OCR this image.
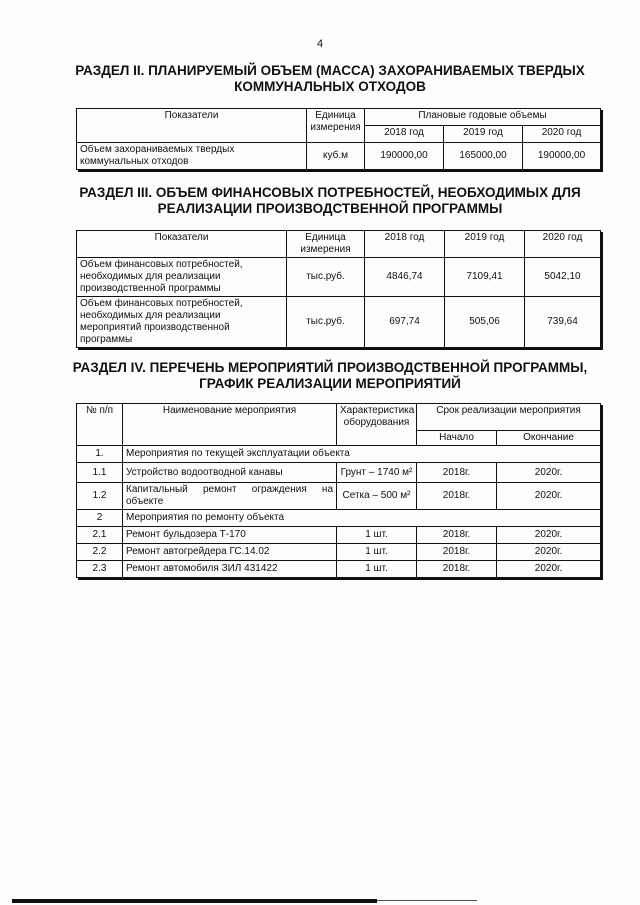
4
РАЗДЕЛ II. ПЛАНИРУЕМЫЙ ОБЪЕМ (МАССА) ЗАХОРАНИВАЕМЫХ ТВЕРДЫХ КОММУНАЛЬНЫХ ОТХОДОВ
Показатели	Единица измерения	Плановые годовые объемы		
		2018 год	2019 год	2020 год
Объем захораниваемых твердых коммунальных отходов	куб.м	190000,00	165000,00	190000,00
РАЗДЕЛ III. ОБЪЕМ ФИНАНСОВЫХ ПОТРЕБНОСТЕЙ, НЕОБХОДИМЫХ ДЛЯ РЕАЛИЗАЦИИ ПРОИЗВОДСТВЕННОЙ ПРОГРАММЫ
Показатели	Единица измерения	2018 год	2019 год	2020 год
Объем финансовых потребностей, необходимых для реализации производственной программы	тыс.руб.	4846,74	7109,41	5042,10
Объем финансовых потребностей, необходимых для реализации мероприятий производственной программы	тыс.руб.	697,74	505,06	739,64
РАЗДЕЛ IV. ПЕРЕЧЕНЬ МЕРОПРИЯТИЙ ПРОИЗВОДСТВЕННОЙ ПРОГРАММЫ, ГРАФИК РЕАЛИЗАЦИИ МЕРОПРИЯТИЙ
№ п/п	Наименование мероприятия	Характеристика оборудования	Срок реализации мероприятия	
			Начало	Окончание
1.	Мероприятия по текущей эксплуатации объекта			
1.1	Устройство водоотводной канавы	Грунт – 1740 м²	2018г.	2020г.
1.2	Капитальный ремонт ограждения на объекте	Сетка – 500 м²	2018г.	2020г.
2	Мероприятия по ремонту объекта			
2.1	Ремонт бульдозера Т-170	1 шт.	2018г.	2020г.
2.2	Ремонт автогрейдера ГС.14.02	1 шт.	2018г.	2020г.
2.3	Ремонт автомобиля ЗИЛ 431422	1 шт.	2018г.	2020г.
